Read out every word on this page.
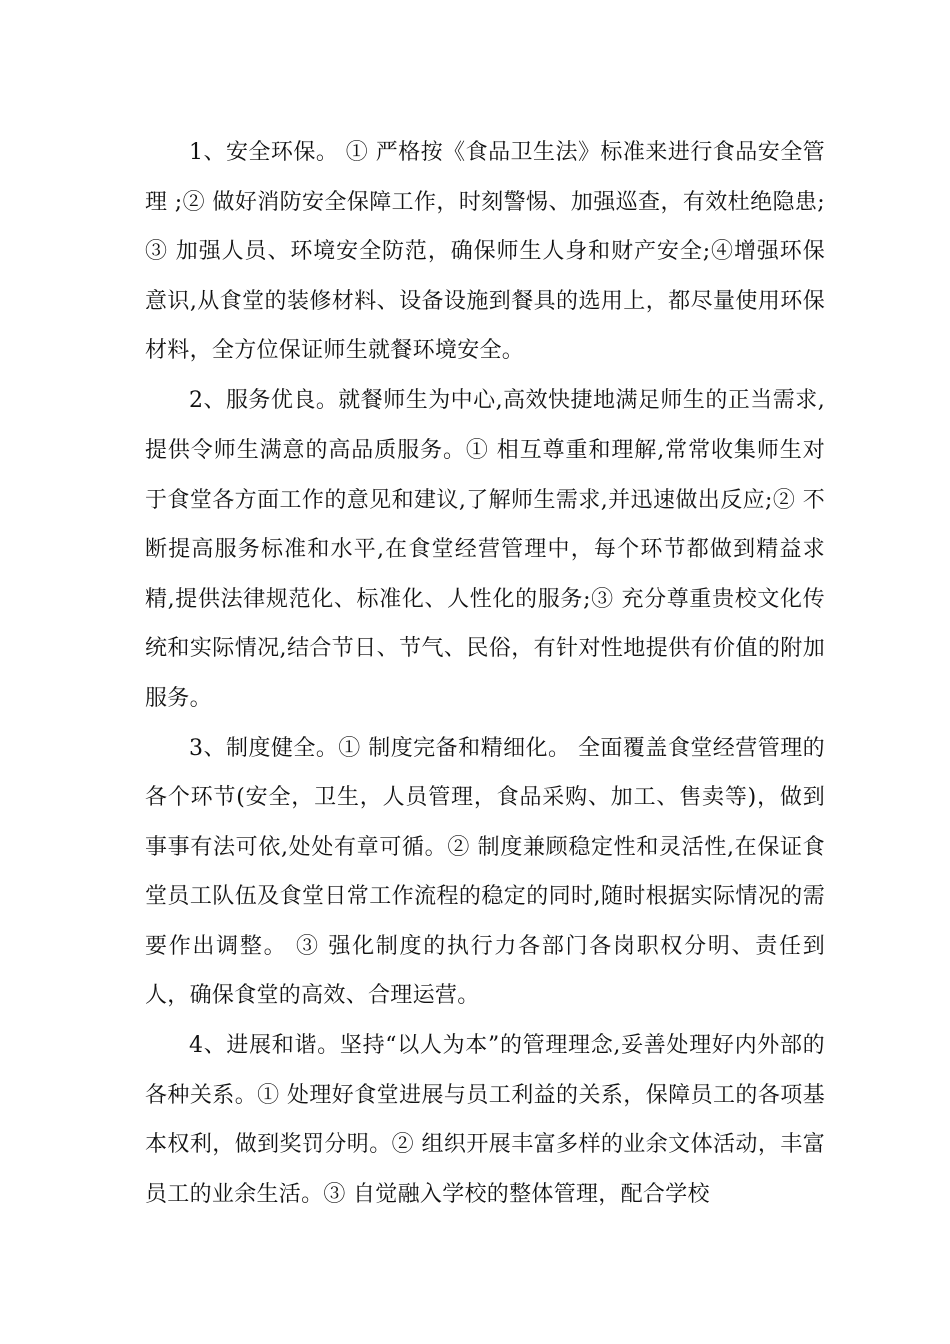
1、安全环保。 ① 严格按《食品卫生法》标准来进行食品安全管理 ;② 做好消防安全保障工作，时刻警惕、加强巡查，有效杜绝隐患; ③ 加强人员、环境安全防范，确保师生人身和财产安全;④增强环保意识,从食堂的装修材料、设备设施到餐具的选用上，都尽量使用环保材料，全方位保证师生就餐环境安全。

2、服务优良。就餐师生为中心,高效快捷地满足师生的正当需求,提供令师生满意的高品质服务。① 相互尊重和理解,常常收集师生对于食堂各方面工作的意见和建议,了解师生需求,并迅速做出反应;② 不断提高服务标准和水平,在食堂经营管理中，每个环节都做到精益求精,提供法律规范化、标准化、人性化的服务;③ 充分尊重贵校文化传统和实际情况,结合节日、节气、民俗，有针对性地提供有价值的附加服务。

3、制度健全。① 制度完备和精细化。 全面覆盖食堂经营管理的各个环节(安全，卫生，人员管理，食品采购、加工、售卖等)，做到事事有法可依,处处有章可循。② 制度兼顾稳定性和灵活性,在保证食堂员工队伍及食堂日常工作流程的稳定的同时,随时根据实际情况的需要作出调整。 ③ 强化制度的执行力各部门各岗职权分明、责任到人，确保食堂的高效、合理运营。

4、进展和谐。坚持“以人为本”的管理理念,妥善处理好内外部的各种关系。① 处理好食堂进展与员工利益的关系，保障员工的各项基本权利，做到奖罚分明。② 组织开展丰富多样的业余文体活动，丰富员工的业余生活。③ 自觉融入学校的整体管理，配合学校
